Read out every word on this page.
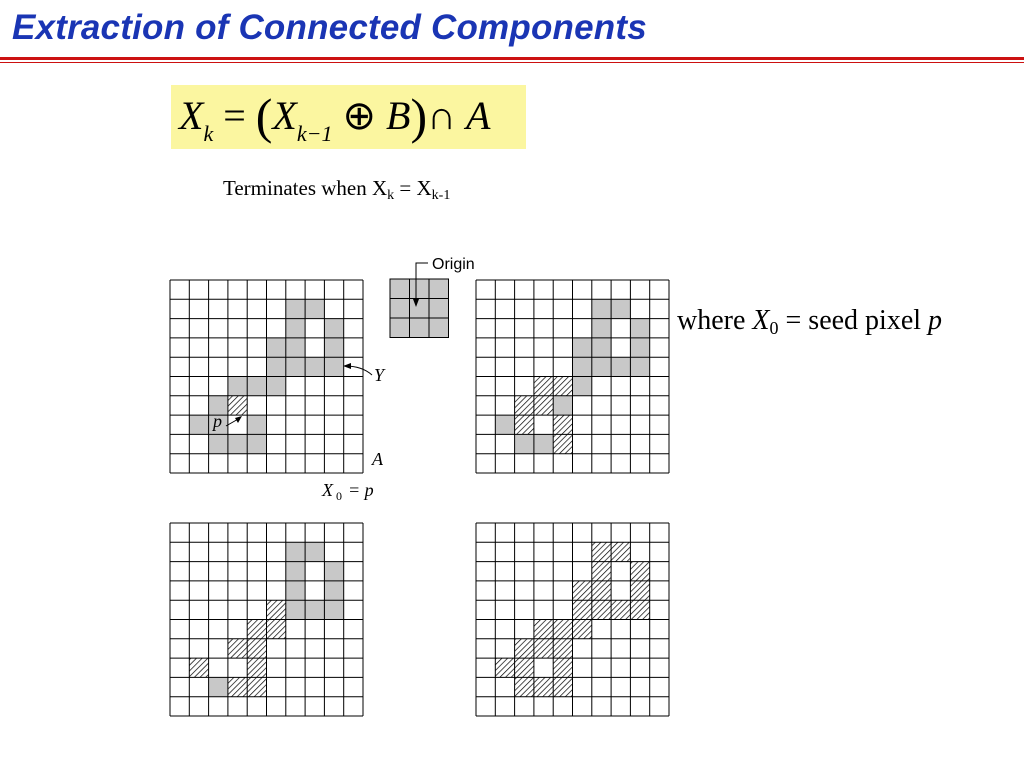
Extraction of Connected Components
$X_k = (X_{k-1}$ ⊕ B)∩ A
Terminates when $X_k = X_{k-1}$
where $X_0$ = seed pixel p
Origin
Y
p
A
X 0 = p
